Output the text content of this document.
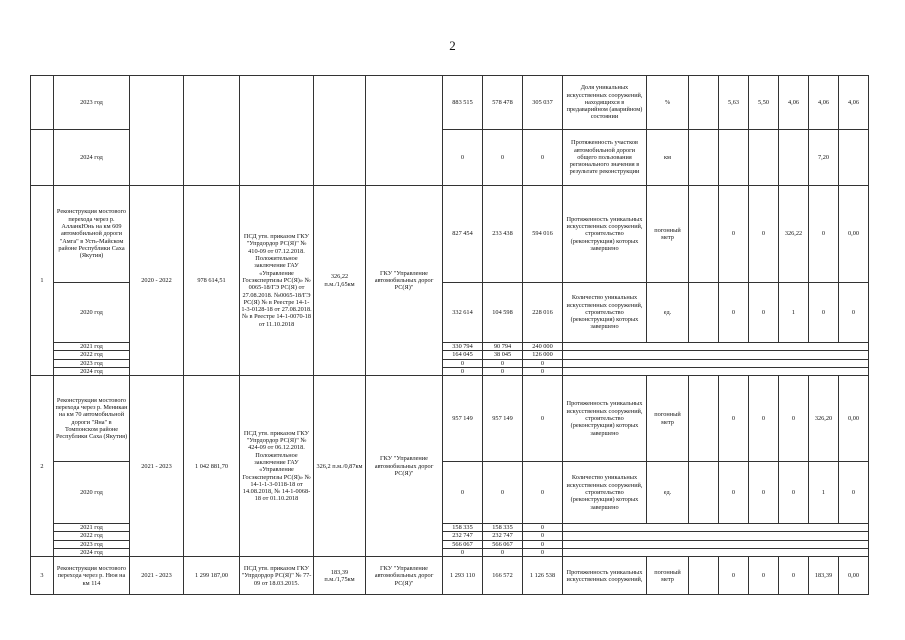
2
	2023 год						883 515	578 478	305 037	Доля уникальных искусственных сооружений, находящихся в предаварийном (аварийном) состоянии	%		5,63	5,50	4,06	4,06	4,06
	2024 год						0	0	0	Протяженность участков автомобильной дороги общего пользования регионального значения в результате реконструкции	км					7,20	
1	Реконструкция мостового перехода через р. АлланкЮнь на км 609 автомобильной дороги "Амга" в Усть-Майском районе Республики Саха (Якутия)	2020 - 2022	978 614,51	ПСД утв. приказом ГКУ "Упрдордор РС(Я)" № 410-09 от 07.12.2018. Положительное заключение ГАУ «Управление Госэкспертизы РС(Я)» № 0065-18/ГЭ РС(Я) от 27.08.2018. №0065-18/ГЭ РС(Я) № в Реестре 14-1-1-3-0128-18 от 27.08.2018. № в Реестре 14-1-0070-18 от 11.10.2018	326,22 п.м./1,65км	ГКУ "Управление автомобильных дорог РС(Я)"	827 454	233 438	594 016	Протяженность уникальных искусственных сооружений, строительство (реконструкция) которых завершено	погонный метр		0	0	326,22	0	0,00
	2020 год						332 614	104 598	228 016	Количество уникальных искусственных сооружений, строительство (реконструкция) которых завершено	ед.		0	0	1	0	0
	2021 год						330 794	90 794	240 000								
	2022 год						164 045	38 045	126 000								
	2023 год						0	0	0								
	2024 год						0	0	0								
2	Реконструкция мостового перехода через р. Меникан на км 70 автомобильной дороги "Яна" в Томпонском районе Республики Саха (Якутия)	2021 - 2023	1 042 881,70	ПСД утв. приказом ГКУ "Упрдордор РС(Я)" № 424-09 от 06.12.2018. Положительное заключение ГАУ «Управление Госэкспертизы РС(Я)» № 14-1-1-3-0118-18 от 14.08.2018, № 14-1-0068-18 от 01.10.2018	326,2 п.м./0,87км	ГКУ "Управление автомобильных дорог РС(Я)"	957 149	957 149	0	Протяженность уникальных искусственных сооружений, строительство (реконструкция) которых завершено	погонный метр		0	0	0	326,20	0,00
	2020 год						0	0	0	Количество уникальных искусственных сооружений, строительство (реконструкция) которых завершено	ед.		0	0	0	1	0
	2021 год						158 335	158 335	0								
	2022 год						232 747	232 747	0								
	2023 год						566 067	566 067	0								
	2024 год						0	0	0								
3	Реконструкция мостового перехода через р. Нюя на км 114	2021 - 2023	1 299 187,00	ПСД утв. приказом ГКУ "Упрдордор РС(Я)" № 77-09 от 18.03.2015.	183,39 п.м./1,75км	ГКУ "Управление автомобильных дорог РС(Я)"	1 293 110	166 572	1 126 538	Протяженность уникальных искусственных сооружений,	погонный метр		0	0	0	183,39	0,00
